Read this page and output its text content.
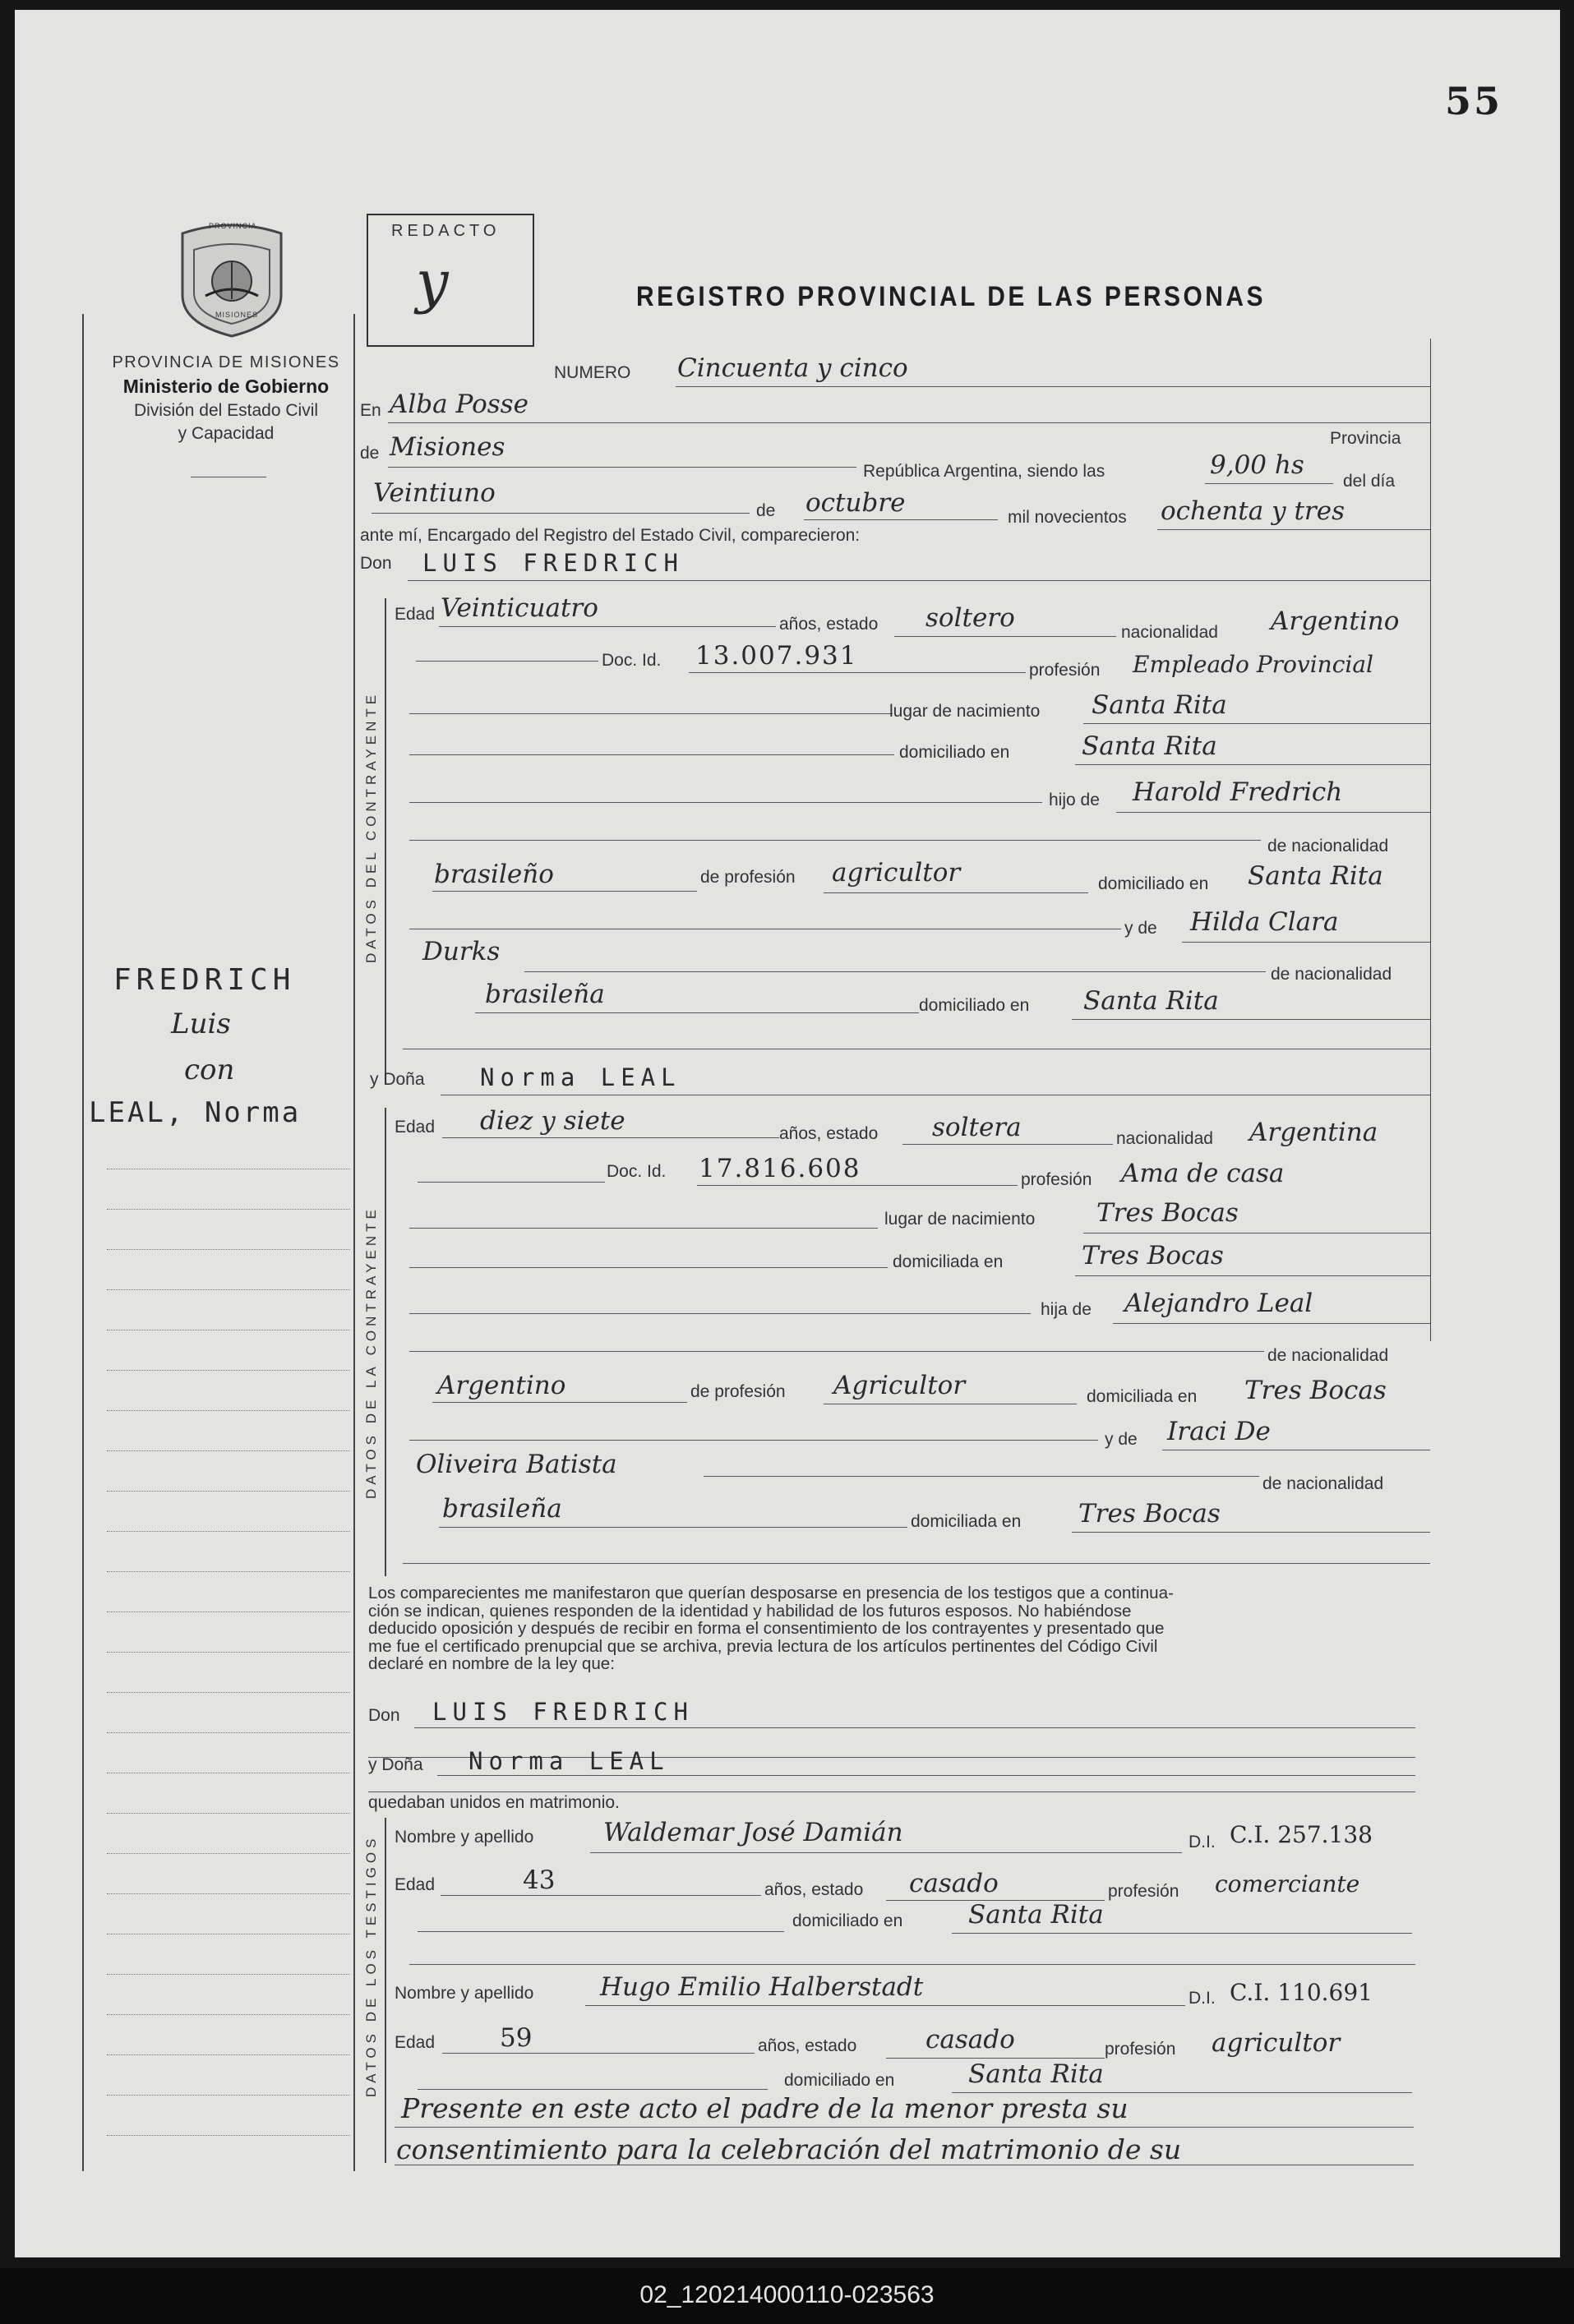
55
REDACTO
y	REGISTRO PROVINCIAL DE LAS PERSONAS
PROVINCIA
MISIONES
PROVINCIA DE MISIONES
Ministerio de Gobierno
División del Estado Civil
y Capacidad
FREDRICH
Luis
con
LEAL, Norma
NUMERO Cincuenta y cinco
En Alba Posse
Provincia
de Misiones
República Argentina, siendo las	9,00 hs
del día
Veintiuno
de octubre	mil novecientos ochenta y tres
ante mí, Encargado del Registro del Estado Civil, comparecieron:
Don LUIS FREDRICH
DATOS DEL CONTRAYENTE
Edad Veinticuatro
años, estado soltero	nacionalidad Argentino
Doc. Id. 13.007.931	profesión Empleado Provincial
lugar de nacimiento Santa Rita
domiciliado en	Santa Rita
hijo de Harold Fredrich
de nacionalidad
brasileño	de profesión agricultor	domiciliado en Santa Rita
y de Hilda Clara
Durks
de nacionalidad
brasileña	domiciliado en Santa Rita
y Doña Norma LEAL
DATOS DE LA CONTRAYENTE
Edad diez y siete	años, estado soltera	nacionalidad Argentina
Doc. Id. 17.816.608	profesión Ama de casa
lugar de nacimiento Tres Bocas
domiciliada en	Tres Bocas
hija de Alejandro Leal
de nacionalidad
Argentino	de profesión Agricultor	domiciliada en Tres Bocas
y de Iraci De
Oliveira Batista
de nacionalidad
brasileña	domiciliada en Tres Bocas
Los comparecientes me manifestaron que querían desposarse en presencia de los testigos que a continua-
ción se indican, quienes responden de la identidad y habilidad de los futuros esposos. No habiéndose
deducido oposición y después de recibir en forma el consentimiento de los contrayentes y presentado que
me fue el certificado prenupcial que se archiva, previa lectura de los artículos pertinentes del Código Civil
declaré en nombre de la ley que:
Don LUIS FREDRICH
y Doña Norma LEAL
quedaban unidos en matrimonio.
DATOS DE LOS TESTIGOS Nombre y apellido	Waldemar José Damián	D.I. C.I. 257.138
Edad	43	años, estado casado	profesión comerciante
domiciliado en	Santa Rita
Nombre y apellido	Hugo Emilio Halberstadt	D.I. C.I. 110.691
Edad	59	años, estado	casado	profesión agricultor
domiciliado en	Santa Rita
Presente en este acto el padre de la menor presta su
consentimiento para la celebración del matrimonio de su
02_120214000110-023563
